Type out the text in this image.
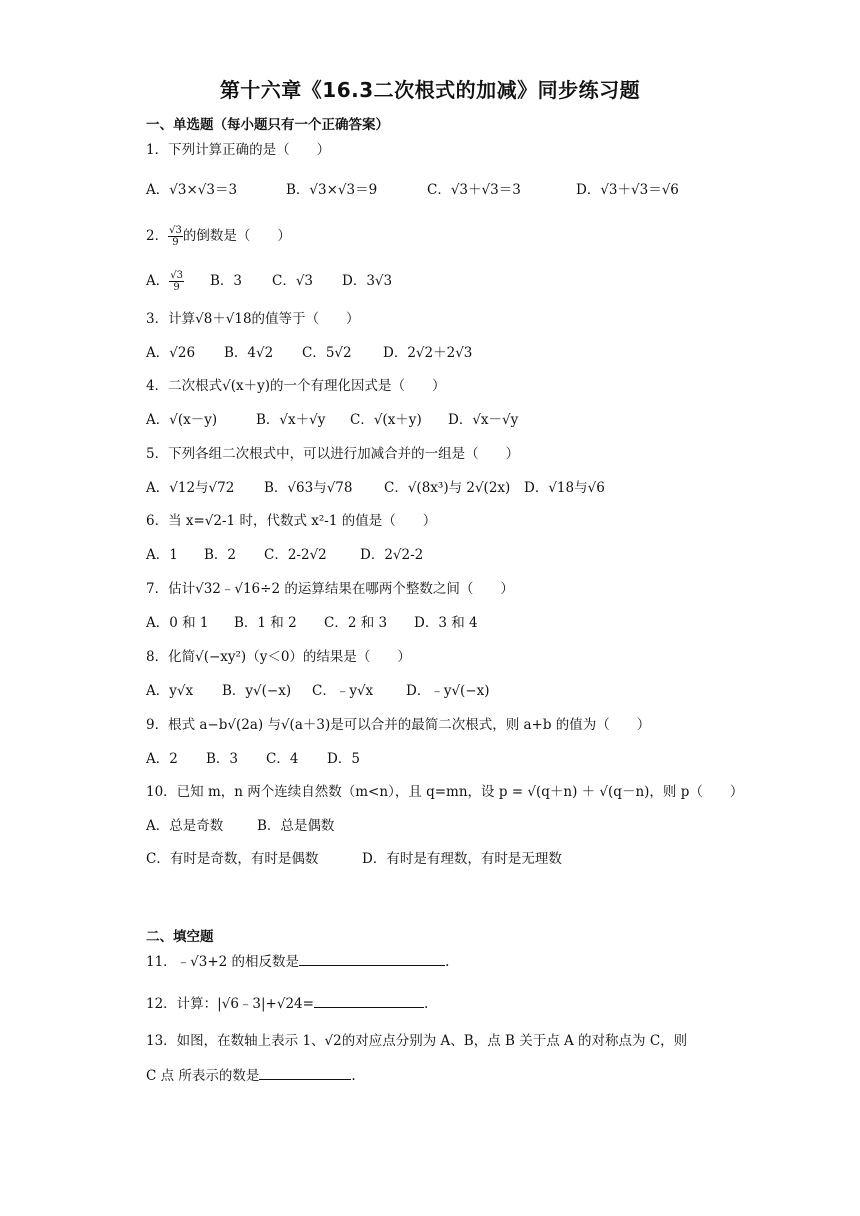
第十六章《16.3二次根式的加减》同步练习题
一、单选题（每小题只有一个正确答案）
1．下列计算正确的是（　　）
A．√3×√3＝3	B．√3×√3＝9	C．√3＋√3＝3	D．√3＋√3＝√6
2． $\frac{√3}{9}$ 的倒数是（　　）
A． $\frac{√3}{9}$ B．3 C．√3 D．3√3
3．计算√8＋√18的值等于（　　）
A．√26 B．4√2 C．5√2 D．2√2＋2√3
4．二次根式√(x＋y)的一个有理化因式是（　　）
A．√(x－y)	B．√x＋√y C．√(x＋y) D．√x－√y
5．下列各组二次根式中，可以进行加减合并的一组是（　　）
A．√12与√72 B．√63与√78 C．√(8x³)与 2√(2x) D．√18与√6
6．当 x=√2-1 时，代数式 x²-1 的值是（　　）
A．1 B．2 C．2-2√2 D．2√2-2
7．估计√32﹣√16÷2 的运算结果在哪两个整数之间（　　）
A．0 和 1 B．1 和 2 C．2 和 3 D．3 和 4
8．化简√(−xy²)（y＜0）的结果是（　　）
A．y√x B．y√(−x) C．﹣y√x D．﹣y√(−x)
9．根式 a−b√(2a) 与√(a＋3)是可以合并的最简二次根式，则 a+b 的值为（　　）
A．2 B．3 C．4 D．5
10．已知 m，n 两个连续自然数（m<n），且 q=mn，设 p = √(q＋n) ＋ √(q－n)，则 p（　　）
A．总是奇数	B．总是偶数
C．有时是奇数，有时是偶数	D．有时是有理数，有时是无理数
二、填空题
11．﹣√3+2 的相反数是	.
12．计算：|√6﹣3|+√24=	.
13．如图，在数轴上表示 1、√2的对应点分别为 A、B，点 B 关于点 A 的对称点为 C，则
C 点 所表示的数是	.
